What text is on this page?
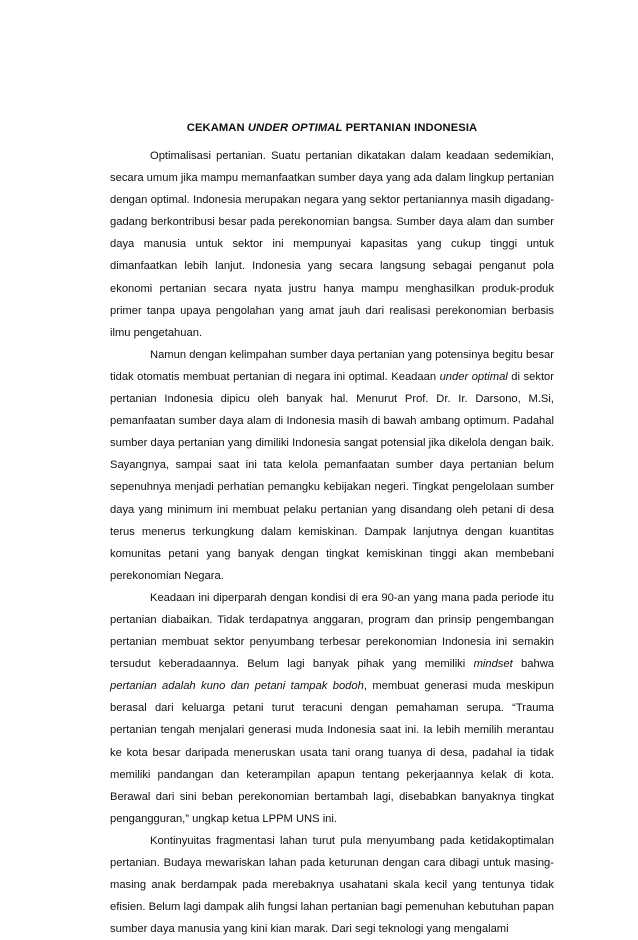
CEKAMAN UNDER OPTIMAL PERTANIAN INDONESIA

Optimalisasi pertanian. Suatu pertanian dikatakan dalam keadaan sedemikian, secara umum jika mampu memanfaatkan sumber daya yang ada dalam lingkup pertanian dengan optimal. Indonesia merupakan negara yang sektor pertaniannya masih digadang-gadang berkontribusi besar pada perekonomian bangsa. Sumber daya alam dan sumber daya manusia untuk sektor ini mempunyai kapasitas yang cukup tinggi untuk dimanfaatkan lebih lanjut. Indonesia yang secara langsung sebagai penganut pola ekonomi pertanian secara nyata justru hanya mampu menghasilkan produk-produk primer tanpa upaya pengolahan yang amat jauh dari realisasi perekonomian berbasis ilmu pengetahuan.

Namun dengan kelimpahan sumber daya pertanian yang potensinya begitu besar tidak otomatis membuat pertanian di negara ini optimal. Keadaan under optimal di sektor pertanian Indonesia dipicu oleh banyak hal. Menurut Prof. Dr. Ir. Darsono, M.Si, pemanfaatan sumber daya alam di Indonesia masih di bawah ambang optimum. Padahal sumber daya pertanian yang dimiliki Indonesia sangat potensial jika dikelola dengan baik. Sayangnya, sampai saat ini tata kelola pemanfaatan sumber daya pertanian belum sepenuhnya menjadi perhatian pemangku kebijakan negeri. Tingkat pengelolaan sumber daya yang minimum ini membuat pelaku pertanian yang disandang oleh petani di desa terus menerus terkungkung dalam kemiskinan. Dampak lanjutnya dengan kuantitas komunitas petani yang banyak dengan tingkat kemiskinan tinggi akan membebani perekonomian Negara.

Keadaan ini diperparah dengan kondisi di era 90-an yang mana pada periode itu pertanian diabaikan. Tidak terdapatnya anggaran, program dan prinsip pengembangan pertanian membuat sektor penyumbang terbesar perekonomian Indonesia ini semakin tersudut keberadaannya. Belum lagi banyak pihak yang memiliki mindset bahwa pertanian adalah kuno dan petani tampak bodoh, membuat generasi muda meskipun berasal dari keluarga petani turut teracuni dengan pemahaman serupa. “Trauma pertanian tengah menjalari generasi muda Indonesia saat ini. Ia lebih memilih merantau ke kota besar daripada meneruskan usata tani orang tuanya di desa, padahal ia tidak memiliki pandangan dan keterampilan apapun tentang pekerjaannya kelak di kota. Berawal dari sini beban perekonomian bertambah lagi, disebabkan banyaknya tingkat pengangguran,” ungkap ketua LPPM UNS ini.

Kontinyuitas fragmentasi lahan turut pula menyumbang pada ketidakoptimalan pertanian. Budaya mewariskan lahan pada keturunan dengan cara dibagi untuk masing-masing anak berdampak pada merebaknya usahatani skala kecil yang tentunya tidak efisien. Belum lagi dampak alih fungsi lahan pertanian bagi pemenuhan kebutuhan papan sumber daya manusia yang kini kian marak. Dari segi teknologi yang mengalami
